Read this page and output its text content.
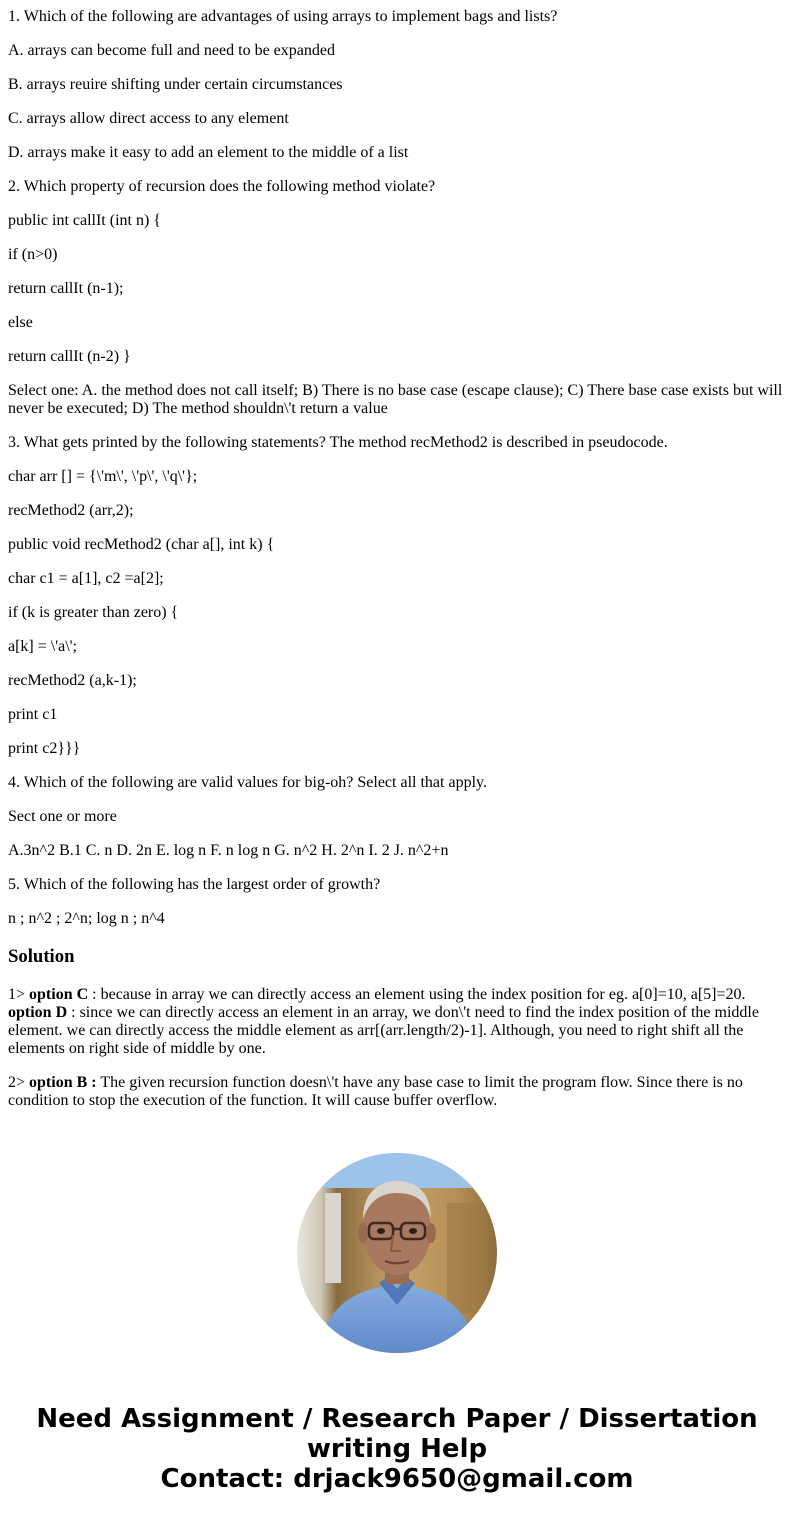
1. Which of the following are advantages of using arrays to implement bags and lists?

A. arrays can become full and need to be expanded

B. arrays reuire shifting under certain circumstances

C. arrays allow direct access to any element

D. arrays make it easy to add an element to the middle of a list

2. Which property of recursion does the following method violate?

public int callIt (int n) {

if (n>0)

return callIt (n-1);

else

return callIt (n-2) }

Select one: A. the method does not call itself; B) There is no base case (escape clause); C) There base case exists but will never be executed; D) The method shouldn\'t return a value

3. What gets printed by the following statements? The method recMethod2 is described in pseudocode.

char arr [] = {\'m\', \'p\', \'q\'};

recMethod2 (arr,2);

public void recMethod2 (char a[], int k) {

char c1 = a[1], c2 =a[2];

if (k is greater than zero) {

a[k] = \'a\';

recMethod2 (a,k-1);

print c1

print c2}}}

4. Which of the following are valid values for big-oh? Select all that apply.

Sect one or more

A.3n^2 B.1 C. n D. 2n E. log n F. n log n G. n^2 H. 2^n I. 2 J. n^2+n

5. Which of the following has the largest order of growth?

n ; n^2 ; 2^n; log n ; n^4

Solution

1> option C : because in array we can directly access an element using the index position for eg. a[0]=10, a[5]=20. option D : since we can directly access an element in an array, we don\'t need to find the index position of the middle element. we can directly access the middle element as arr[(arr.length/2)-1]. Although, you need to right shift all the elements on right side of middle by one.

2> option B : The given recursion function doesn\'t have any base case to limit the program flow. Since there is no condition to stop the execution of the function. It will cause buffer overflow.

Need Assignment / Research Paper / Dissertation
writing Help
Contact: drjack9650@gmail.com
